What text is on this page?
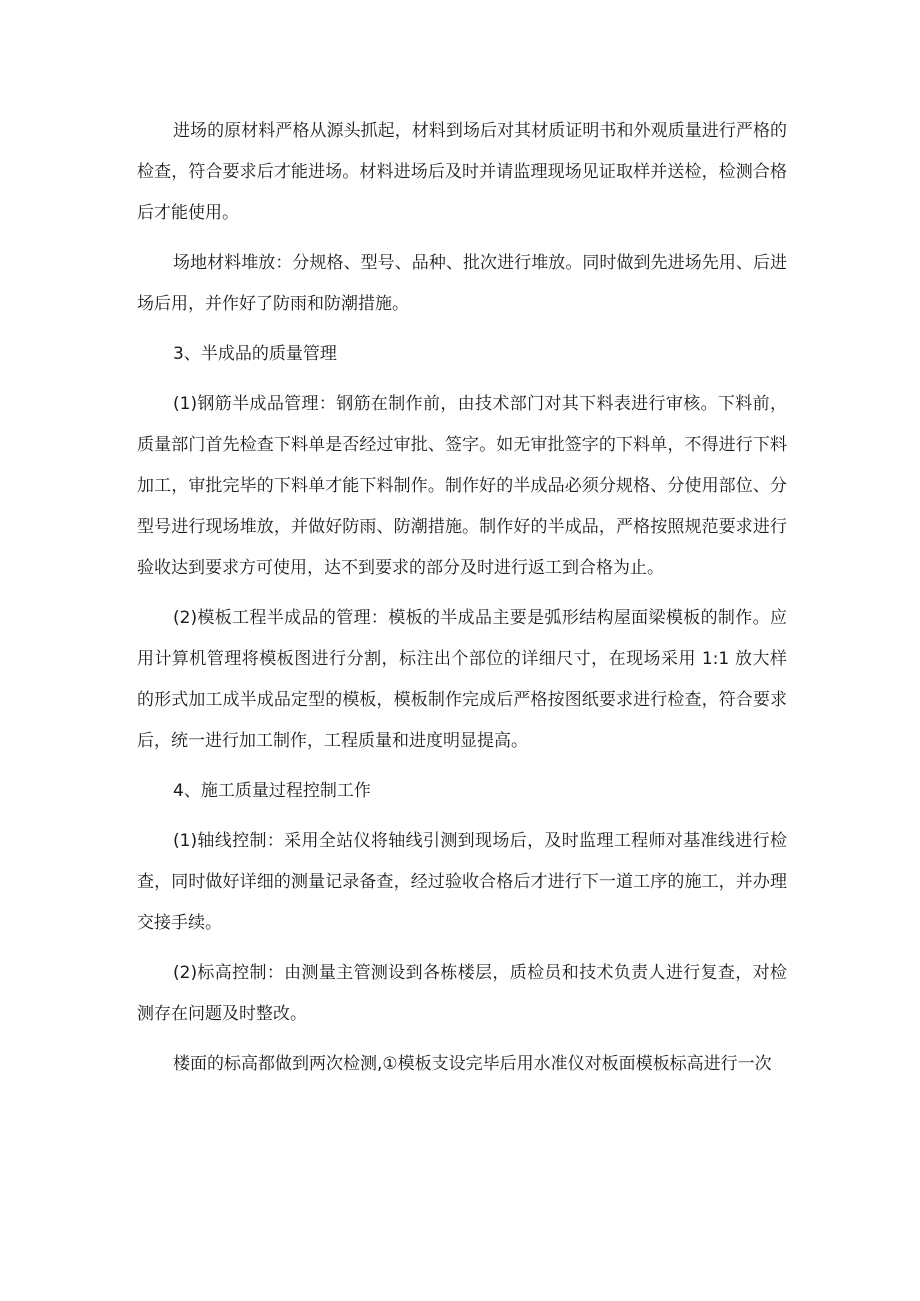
进场的原材料严格从源头抓起，材料到场后对其材质证明书和外观质量进行严格的检查，符合要求后才能进场。材料进场后及时并请监理现场见证取样并送检，检测合格后才能使用。

场地材料堆放：分规格、型号、品种、批次进行堆放。同时做到先进场先用、后进场后用，并作好了防雨和防潮措施。

3、半成品的质量管理

(1)钢筋半成品管理：钢筋在制作前，由技术部门对其下料表进行审核。下料前，质量部门首先检查下料单是否经过审批、签字。如无审批签字的下料单，不得进行下料加工，审批完毕的下料单才能下料制作。制作好的半成品必须分规格、分使用部位、分型号进行现场堆放，并做好防雨、防潮措施。制作好的半成品，严格按照规范要求进行验收达到要求方可使用，达不到要求的部分及时进行返工到合格为止。

(2)模板工程半成品的管理：模板的半成品主要是弧形结构屋面梁模板的制作。应用计算机管理将模板图进行分割，标注出个部位的详细尺寸，在现场采用 1:1 放大样的形式加工成半成品定型的模板，模板制作完成后严格按图纸要求进行检查，符合要求后，统一进行加工制作，工程质量和进度明显提高。

4、施工质量过程控制工作

(1)轴线控制：采用全站仪将轴线引测到现场后，及时监理工程师对基准线进行检查，同时做好详细的测量记录备查，经过验收合格后才进行下一道工序的施工，并办理交接手续。

(2)标高控制：由测量主管测设到各栋楼层，质检员和技术负责人进行复查，对检测存在问题及时整改。

楼面的标高都做到两次检测,①模板支设完毕后用水准仪对板面模板标高进行一次
